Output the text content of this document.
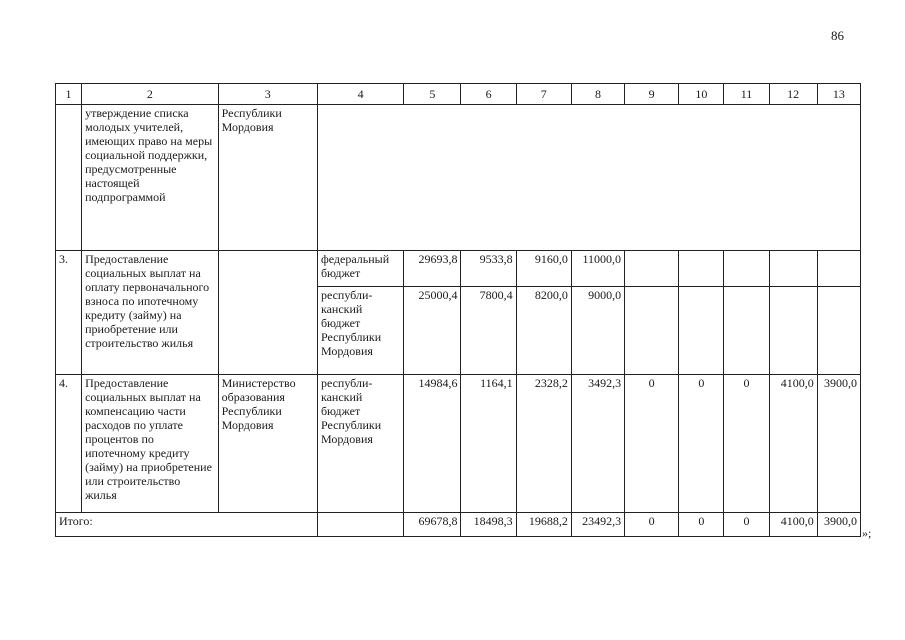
86
1	2	3	4	5	6	7	8	9	10	11	12	13
	утверждение списка молодых учителей, имеющих право на меры социальной поддержки, предусмотренные настоящей подпрограммой	Республики Мордовия										
3.	Предоставление социальных выплат на оплату первоначального взноса по ипотечному кредиту (займу) на приобретение или строительство жилья		федеральный бюджет	29693,8	9533,8	9160,0	11000,0					
			республи-канский бюджет Республики Мордовия	25000,4	7800,4	8200,0	9000,0					
4.	Предоставление социальных выплат на компенсацию части расходов по уплате процентов по ипотечному кредиту (займу) на приобретение или строительство жилья	Министерство образования Республики Мордовия	республи-канский бюджет Республики Мордовия	14984,6	1164,1	2328,2	3492,3	0	0	0	4100,0	3900,0
Итого:				69678,8	18498,3	19688,2	23492,3	0	0	0	4100,0	3900,0
»;
